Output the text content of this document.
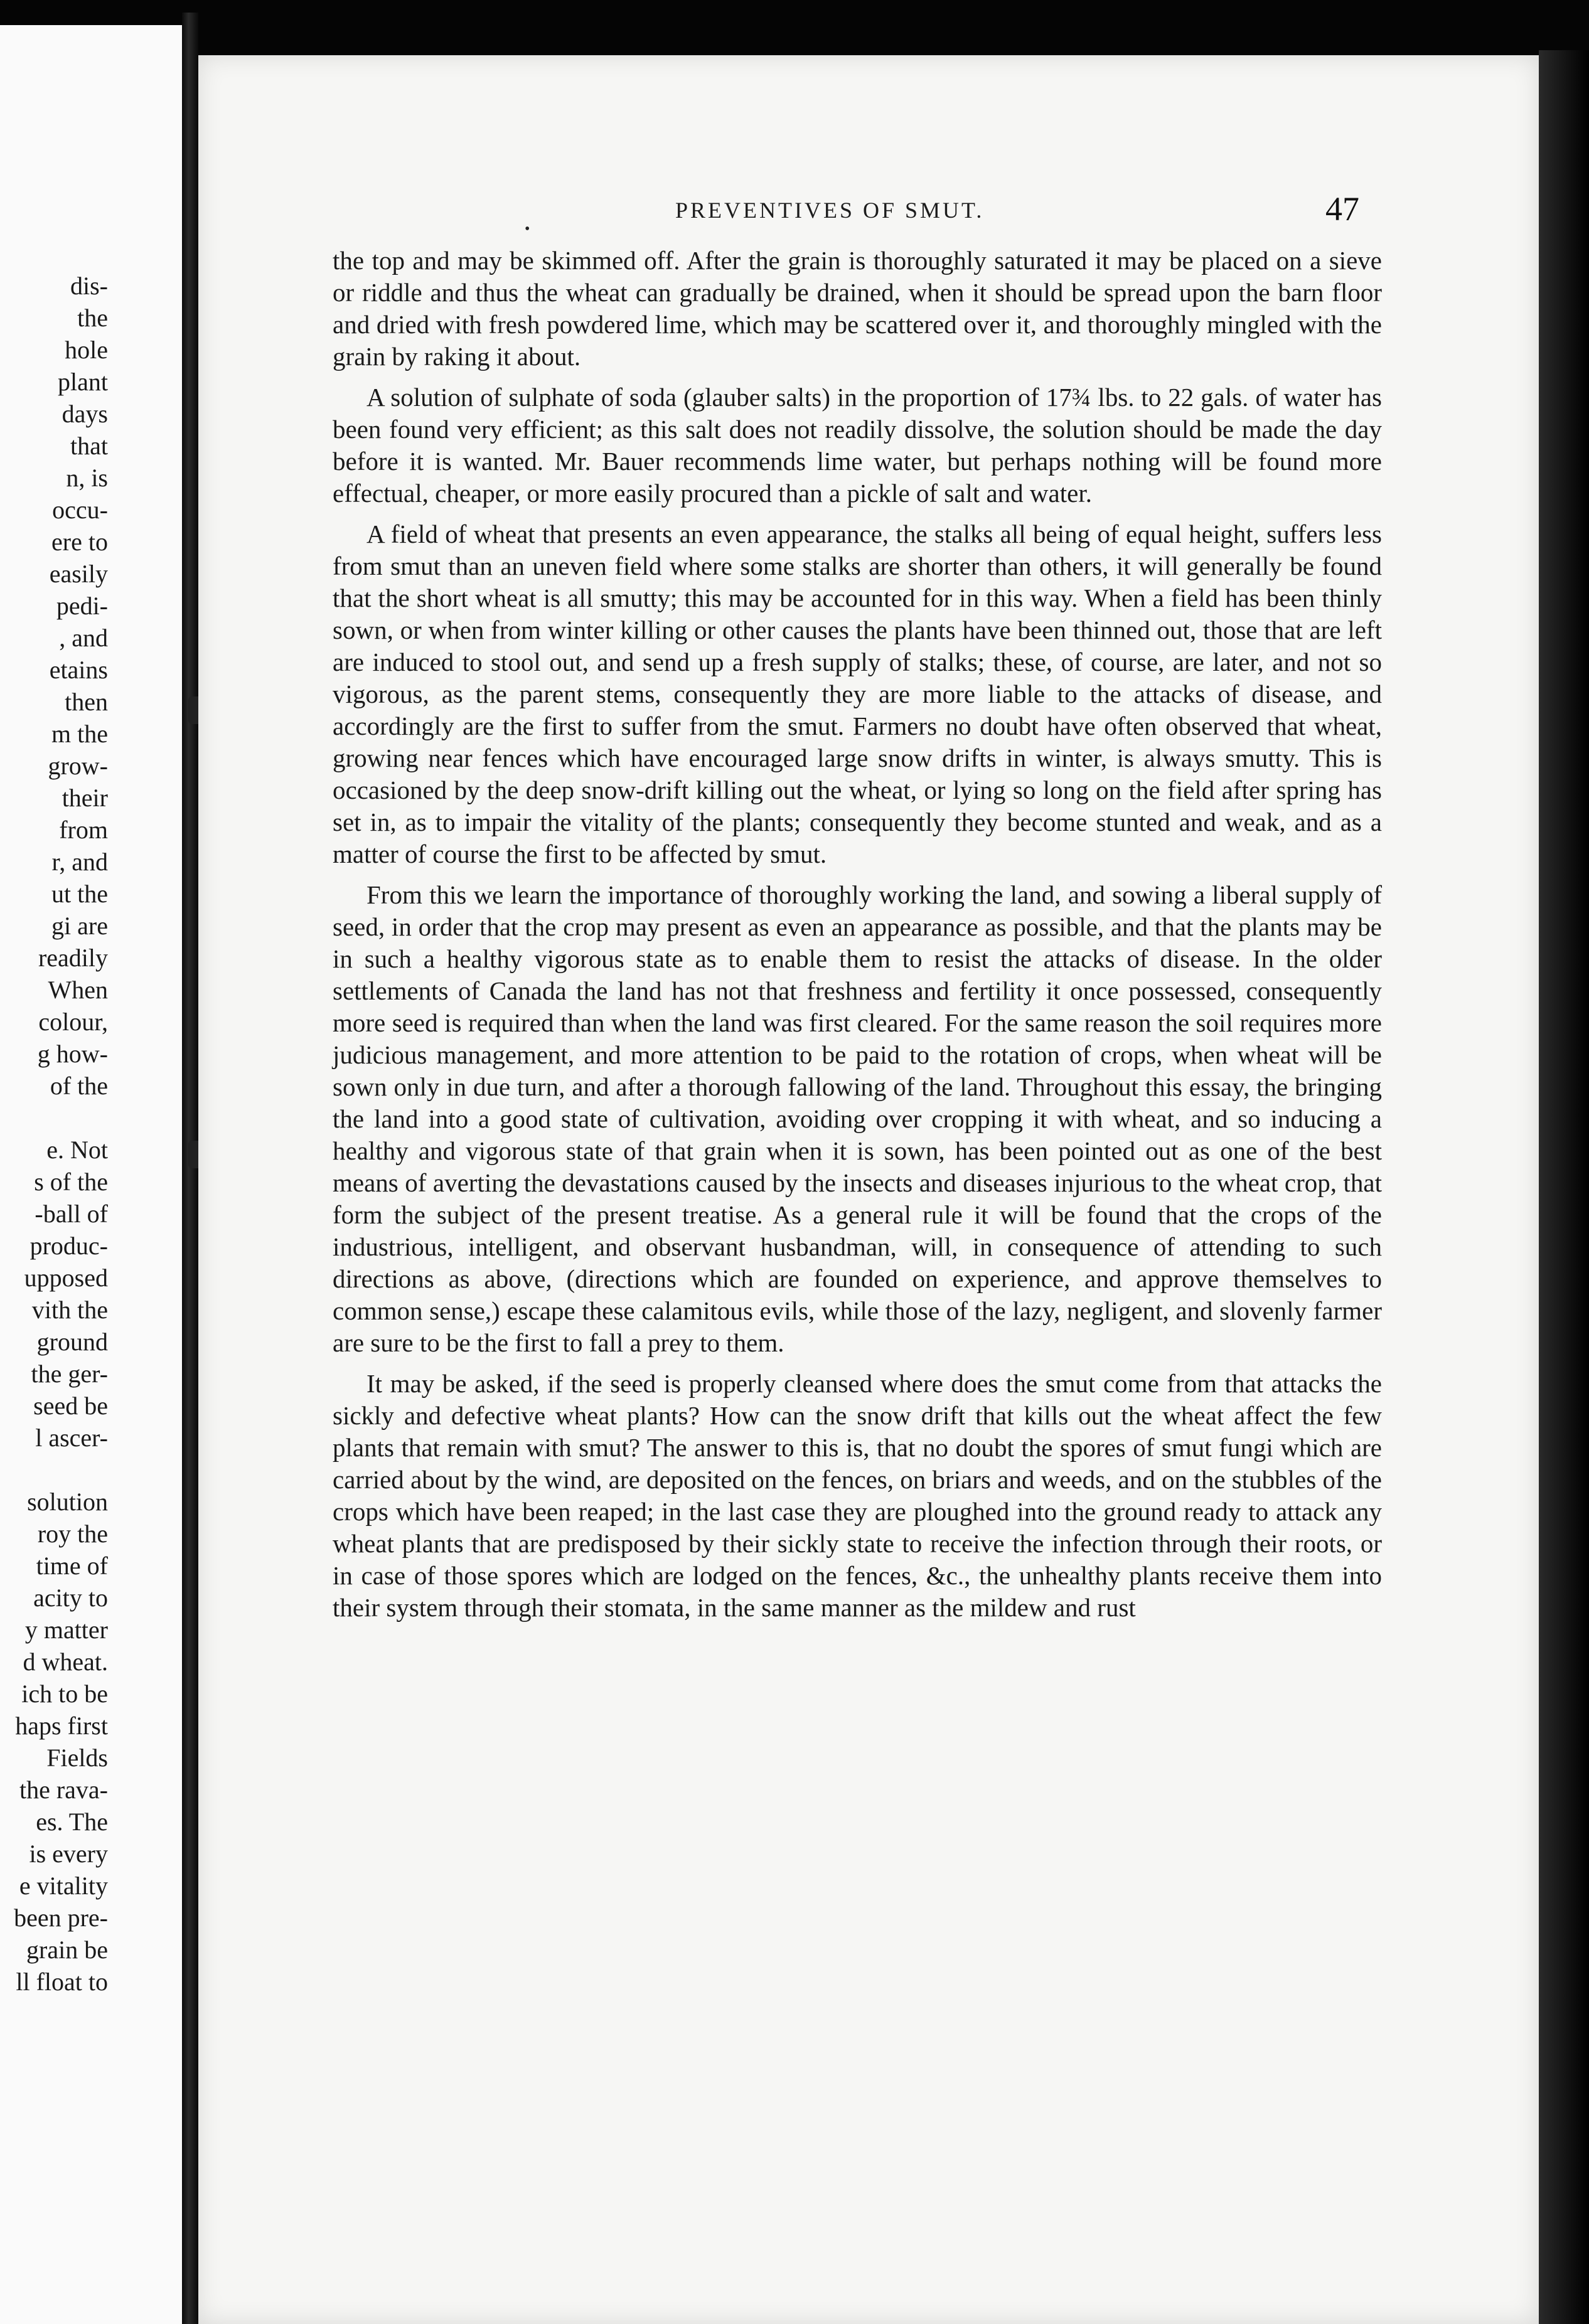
dis-
the
hole
plant
days
that
n, is
occu-
ere to
easily
pedi-
, and
etains
then
m the
grow-
their
from
r, and
ut the
gi are
readily
When
colour,
g how-
of the
e. Not
s of the
-ball of
produc-
upposed
vith the
ground
the ger-
seed be
l ascer-
solution
roy the
time of
acity to
y matter
d wheat.
ich to be
haps first
Fields
the rava-
es. The
is every
e vitality
been pre-
grain be
ll float to
•
PREVENTIVES OF SMUT.	47

the top and may be skimmed off. After the grain is thoroughly saturated it may be placed on a sieve or riddle and thus the wheat can gradually be drained, when it should be spread upon the barn floor and dried with fresh powdered lime, which may be scattered over it, and thoroughly mingled with the grain by raking it about.

A solution of sulphate of soda (glauber salts) in the proportion of 17¾ lbs. to 22 gals. of water has been found very efficient; as this salt does not readily dissolve, the solution should be made the day before it is wanted. Mr. Bauer recommends lime water, but perhaps nothing will be found more effectual, cheaper, or more easily procured than a pickle of salt and water.

A field of wheat that presents an even appearance, the stalks all being of equal height, suffers less from smut than an uneven field where some stalks are shorter than others, it will generally be found that the short wheat is all smutty; this may be accounted for in this way. When a field has been thinly sown, or when from winter killing or other causes the plants have been thinned out, those that are left are induced to stool out, and send up a fresh supply of stalks; these, of course, are later, and not so vigorous, as the parent stems, consequently they are more liable to the attacks of disease, and accordingly are the first to suffer from the smut. Farmers no doubt have often observed that wheat, growing near fences which have encouraged large snow drifts in winter, is always smutty. This is occasioned by the deep snow-drift killing out the wheat, or lying so long on the field after spring has set in, as to impair the vitality of the plants; consequently they become stunted and weak, and as a matter of course the first to be affected by smut.

From this we learn the importance of thoroughly working the land, and sowing a liberal supply of seed, in order that the crop may present as even an appearance as possible, and that the plants may be in such a healthy vigorous state as to enable them to resist the attacks of disease. In the older settlements of Canada the land has not that freshness and fertility it once possessed, consequently more seed is required than when the land was first cleared. For the same reason the soil requires more judicious management, and more attention to be paid to the rotation of crops, when wheat will be sown only in due turn, and after a thorough fallowing of the land. Throughout this essay, the bringing the land into a good state of cultivation, avoiding over cropping it with wheat, and so inducing a healthy and vigorous state of that grain when it is sown, has been pointed out as one of the best means of averting the devastations caused by the insects and diseases injurious to the wheat crop, that form the subject of the present treatise. As a general rule it will be found that the crops of the industrious, intelligent, and observant husbandman, will, in consequence of attending to such directions as above, (directions which are founded on experience, and approve themselves to common sense,) escape these calamitous evils, while those of the lazy, negligent, and slovenly farmer are sure to be the first to fall a prey to them.

It may be asked, if the seed is properly cleansed where does the smut come from that attacks the sickly and defective wheat plants? How can the snow drift that kills out the wheat affect the few plants that remain with smut? The answer to this is, that no doubt the spores of smut fungi which are carried about by the wind, are deposited on the fences, on briars and weeds, and on the stubbles of the crops which have been reaped; in the last case they are ploughed into the ground ready to attack any wheat plants that are predisposed by their sickly state to receive the infection through their roots, or in case of those spores which are lodged on the fences, &c., the unhealthy plants receive them into their system through their stomata, in the same manner as the mildew and rust
